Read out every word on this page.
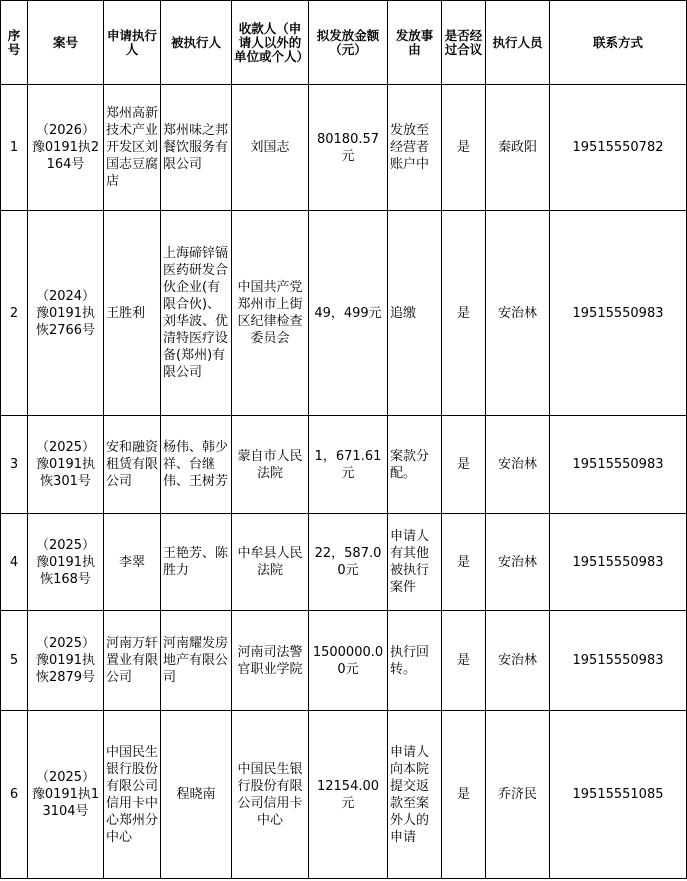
序号	案号	申请执行人	被执行人	收款人（申请人以外的单位或个人）	拟发放金额（元）	发放事由	是否经过合议	执行人员	联系方式
1	（2026）豫0191执2164号	郑州高新技术产业开发区刘国志豆腐店	郑州味之邦餐饮服务有限公司	刘国志	80180.57元	发放至经营者账户中	是	秦政阳	19515550782
2	（2024）豫0191执恢2766号	王胜利	上海碲锌镉医药研发合伙企业(有限合伙)、刘华波、优清特医疗设备(郑州)有限公司	中国共产党郑州市上街区纪律检查委员会	49，499元	追缴	是	安治林	19515550983
3	（2025）豫0191执恢301号	安和融资租赁有限公司	杨伟、韩少祥、台继伟、王树芳	蒙自市人民法院	1，671.61元	案款分配。	是	安治林	19515550983
4	（2025）豫0191执恢168号	李翠	王艳芳、陈胜力	中牟县人民法院	22，587.00元	申请人有其他被执行案件	是	安治林	19515550983
5	（2025）豫0191执恢2879号	河南万轩置业有限公司	河南耀发房地产有限公司	河南司法警官职业学院	1500000.00元	执行回转。	是	安治林	19515550983
6	（2025）豫0191执13104号	中国民生银行股份有限公司信用卡中心郑州分中心	程晓南	中国民生银行股份有限公司信用卡中心	12154.00元	申请人向本院提交返款至案外人的申请	是	乔济民	19515551085
